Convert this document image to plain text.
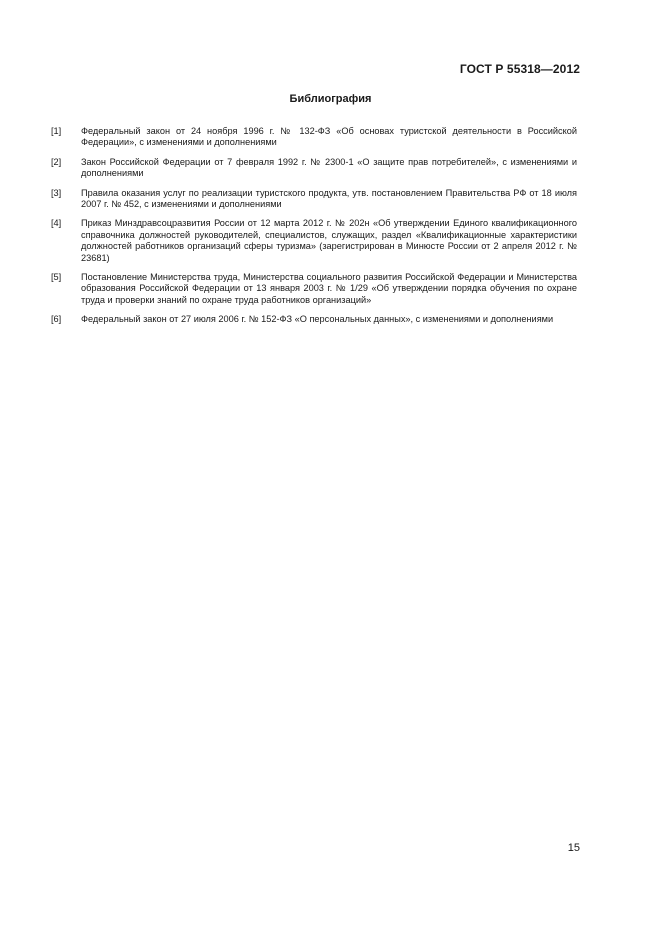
ГОСТ Р 55318—2012
Библиография
[1]	Федеральный закон от 24 ноября 1996 г. № 132-ФЗ «Об основах туристской деятельности в Российской Федерации», с изменениями и дополнениями
[2]	Закон Российской Федерации от 7 февраля 1992 г. № 2300-1 «О защите прав потребителей», с изменениями и дополнениями
[3]	Правила оказания услуг по реализации туристского продукта, утв. постановлением Правительства РФ от 18 июля 2007 г. № 452, с изменениями и дополнениями
[4]	Приказ Минздравсоцразвития России от 12 марта 2012 г. № 202н «Об утверждении Единого квалификационного справочника должностей руководителей, специалистов, служащих, раздел «Квалификационные характеристики должностей работников организаций сферы туризма» (зарегистрирован в Минюсте России от 2 апреля 2012 г. № 23681)
[5]	Постановление Министерства труда, Министерства социального развития Российской Федерации и Министерства образования Российской Федерации от 13 января 2003 г. № 1/29 «Об утверждении порядка обучения по охране труда и проверки знаний по охране труда работников организаций»
[6]	Федеральный закон от 27 июля 2006 г. № 152-ФЗ «О персональных данных», с изменениями и дополнениями
15
